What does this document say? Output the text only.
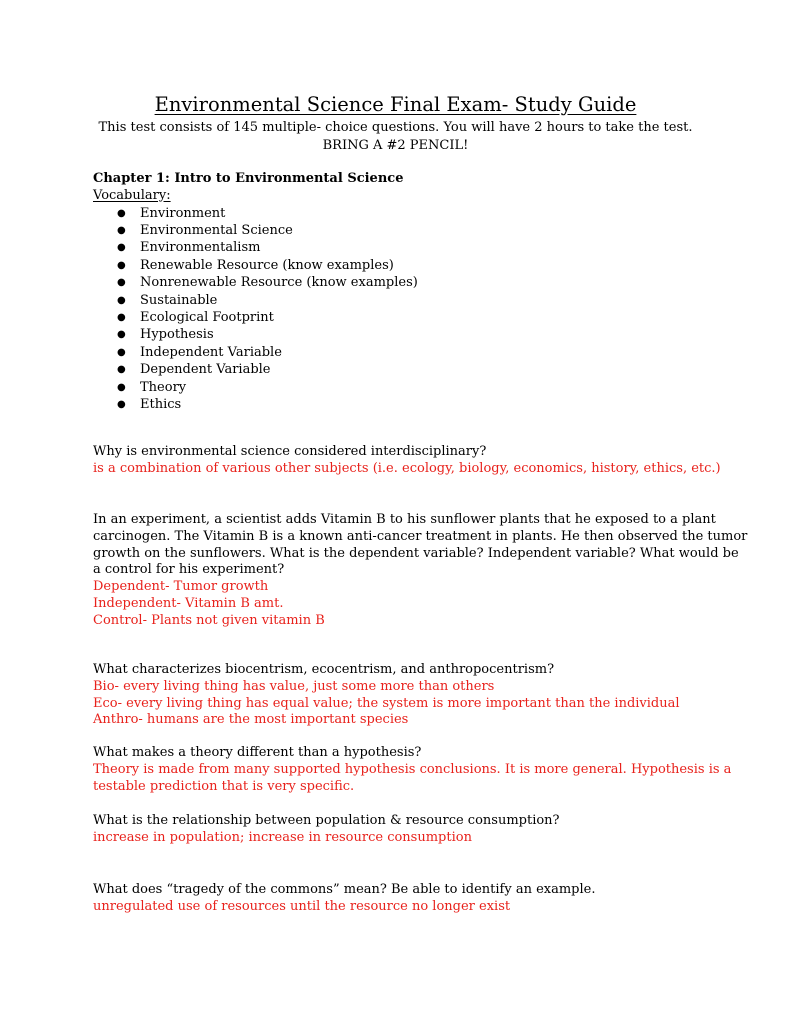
Environmental Science Final Exam- Study Guide
This test consists of 145 multiple- choice questions. You will have 2 hours to take the test.
BRING A #2 PENCIL!
Chapter 1: Intro to Environmental Science
Vocabulary:
● Environment
● Environmental Science
● Environmentalism
● Renewable Resource (know examples)
● Nonrenewable Resource (know examples)
● Sustainable
● Ecological Footprint
● Hypothesis
● Independent Variable
● Dependent Variable
● Theory
● Ethics
Why is environmental science considered interdisciplinary?
is a combination of various other subjects (i.e. ecology, biology, economics, history, ethics, etc.)
In an experiment, a scientist adds Vitamin B to his sunflower plants that he exposed to a plant
carcinogen. The Vitamin B is a known anti-cancer treatment in plants. He then observed the tumor
growth on the sunflowers. What is the dependent variable? Independent variable? What would be
a control for his experiment?
Dependent- Tumor growth
Independent- Vitamin B amt.
Control- Plants not given vitamin B
What characterizes biocentrism, ecocentrism, and anthropocentrism?
Bio- every living thing has value, just some more than others
Eco- every living thing has equal value; the system is more important than the individual
Anthro- humans are the most important species
What makes a theory different than a hypothesis?
Theory is made from many supported hypothesis conclusions. It is more general. Hypothesis is a
testable prediction that is very specific.
What is the relationship between population & resource consumption?
increase in population; increase in resource consumption
What does “tragedy of the commons” mean? Be able to identify an example.
unregulated use of resources until the resource no longer exist
